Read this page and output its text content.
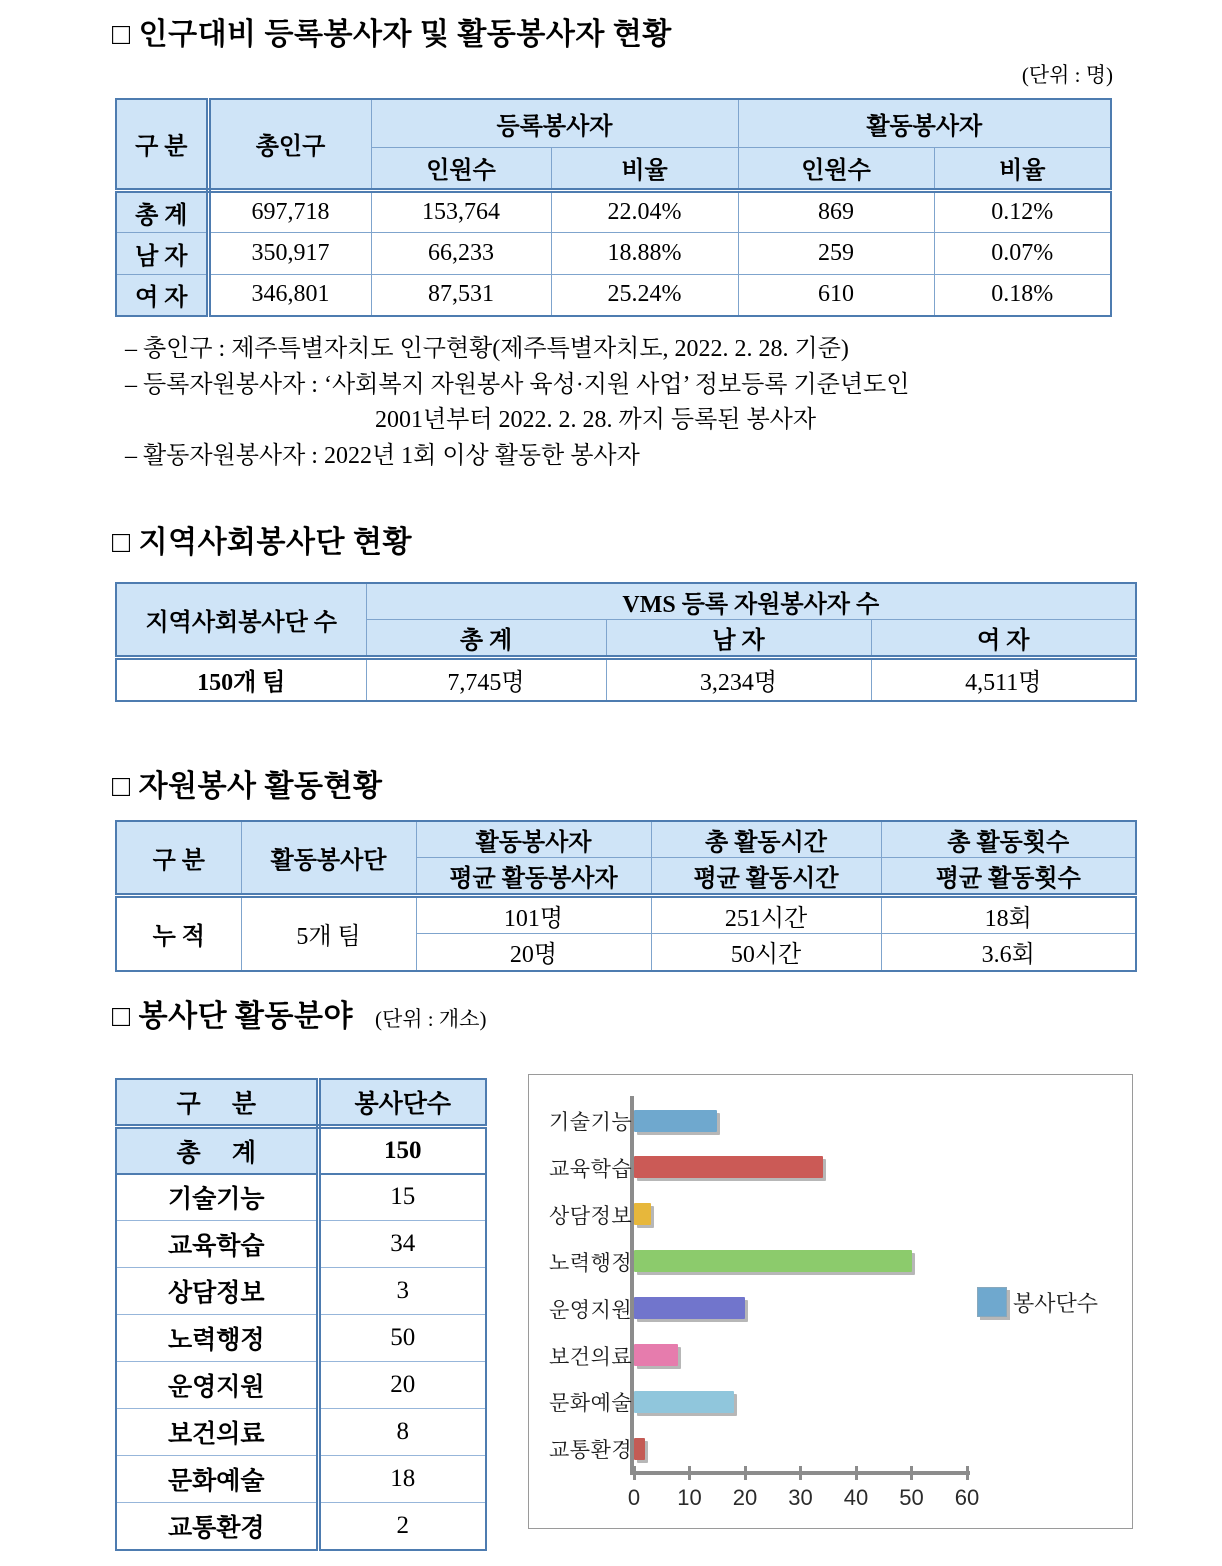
□ 인구대비 등록봉사자 및 활동봉사자 현황
(단위 : 명)
구 분	총인구	등록봉사자		활동봉사자	
		인원수	비율	인원수	비율
총 계	697,718	153,764	22.04%	869	0.12%
남 자	350,917	66,233	18.88%	259	0.07%
여 자	346,801	87,531	25.24%	610	0.18%
– 총인구 : 제주특별자치도 인구현황(제주특별자치도, 2022. 2. 28. 기준)
– 등록자원봉사자 : ‘사회복지 자원봉사 육성·지원 사업’ 정보등록 기준년도인
2001년부터 2022. 2. 28. 까지 등록된 봉사자
– 활동자원봉사자 : 2022년 1회 이상 활동한 봉사자
□ 지역사회봉사단 현황
지역사회봉사단 수	VMS 등록 자원봉사자 수		
	총 계	남 자	여 자
150개 팀	7,745명	3,234명	4,511명
□ 자원봉사 활동현황
구 분	활동봉사단	활동봉사자	총 활동시간	총 활동횟수
		평균 활동봉사자	평균 활동시간	평균 활동횟수
누 적	5개 팀	101명	251시간	18회
		20명	50시간	3.6회
□ 봉사단 활동분야 (단위 : 개소)
구     분	봉사단수
총     계	150
기술기능	15
교육학습	34
상담정보	3
노력행정	50
운영지원	20
보건의료	8
문화예술	18
교통환경	2
기술기능
교육학습
상담정보
노력행정
운영지원
보건의료
문화예술
교통환경
0	10	20	30	40	50	60
봉사단수
